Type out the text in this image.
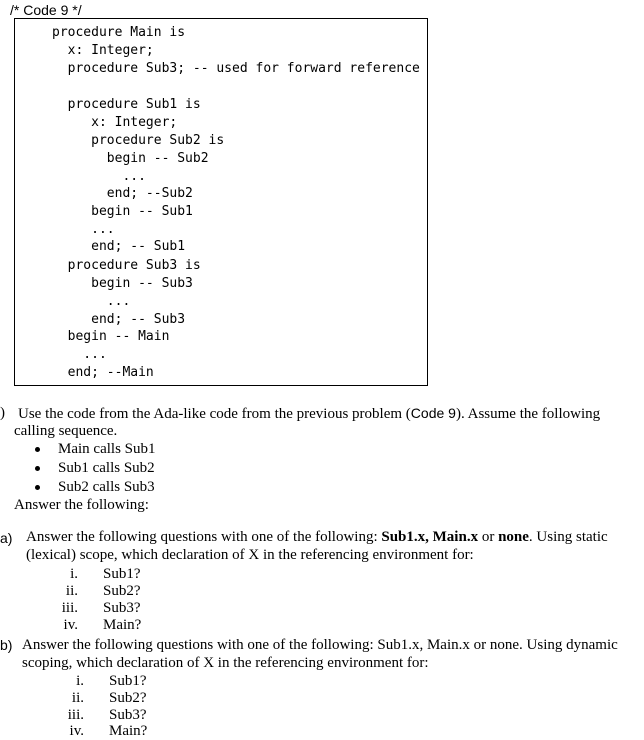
/* Code 9 */
procedure Main is
x: Integer;
procedure Sub3; -- used for forward reference
procedure Sub1 is
x: Integer;
procedure Sub2 is
begin -- Sub2
...
end; --Sub2
begin -- Sub1
...
end; -- Sub1
procedure Sub3 is
begin -- Sub3
...
end; -- Sub3
begin -- Main
...
end; --Main
) Use the code from the Ada-like code from the previous problem (Code 9). Assume the following
calling sequence.
Main calls Sub1
Sub1 calls Sub2
Sub2 calls Sub3
Answer the following:
a) Answer the following questions with one of the following: Sub1.x, Main.x or none. Using static
(lexical) scope, which declaration of X in the referencing environment for:
i. Sub1?
ii. Sub2?
iii. Sub3?
iv. Main?
b) Answer the following questions with one of the following: Sub1.x, Main.x or none. Using dynamic
scoping, which declaration of X in the referencing environment for:
i. Sub1?
ii. Sub2?
iii. Sub3?
iv. Main?
